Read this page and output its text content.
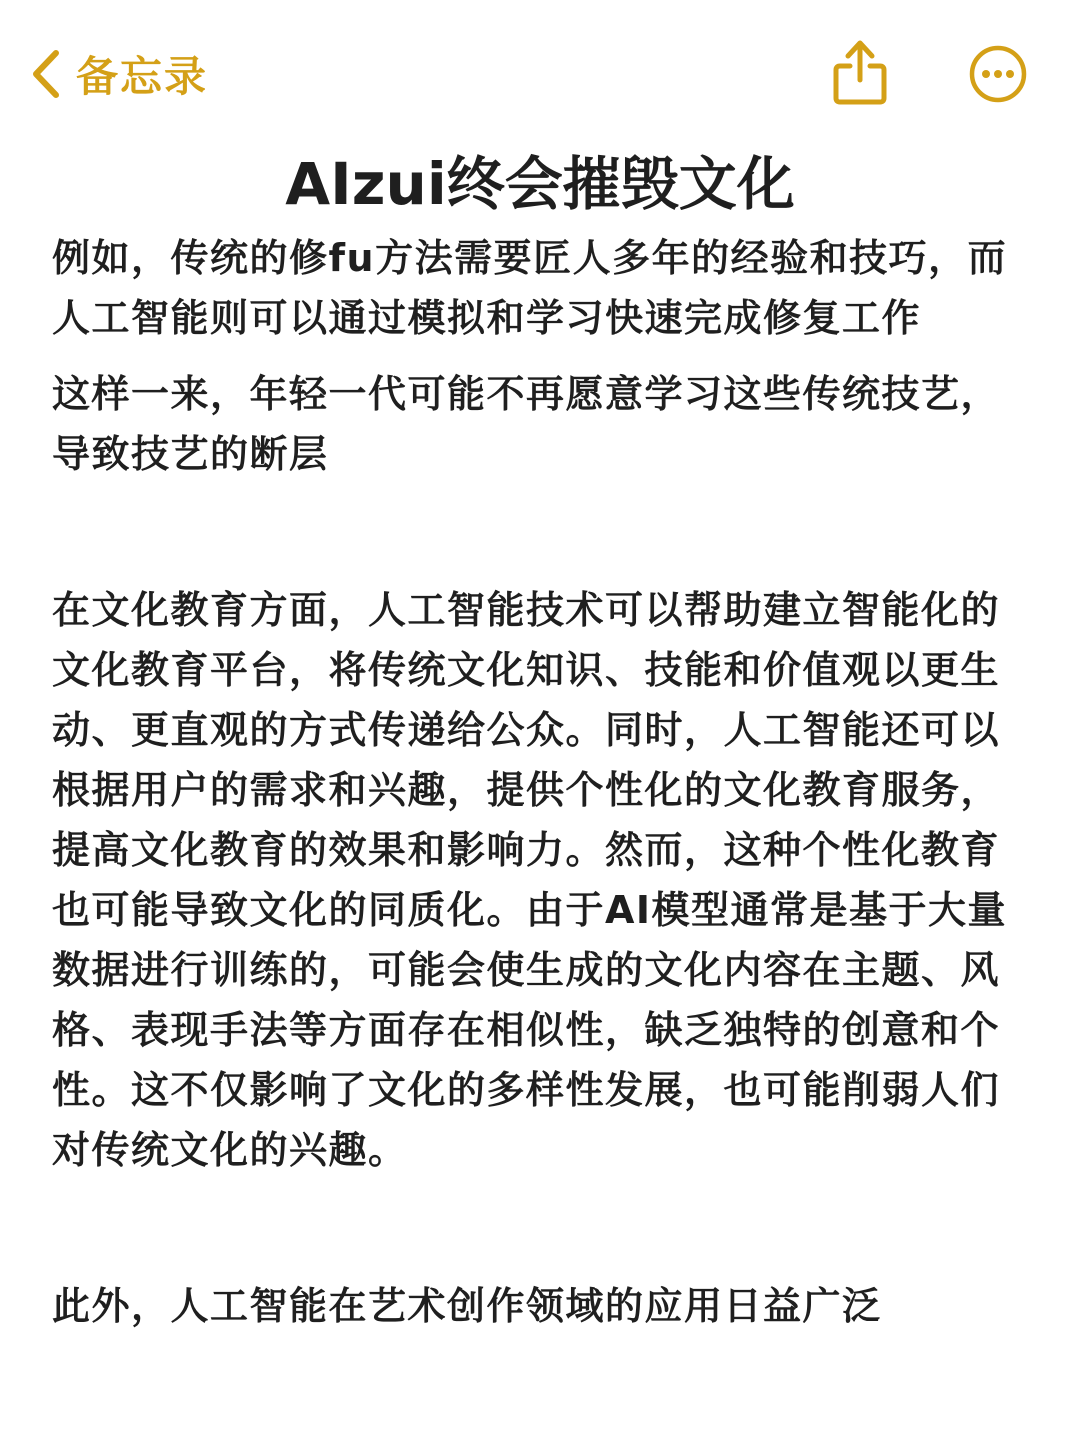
备忘录
AIzui终会摧毁文化

例如，传统的修fu方法需要匠人多年的经验和技巧，而人工智能则可以通过模拟和学习快速完成修复工作

这样一来，年轻一代可能不再愿意学习这些传统技艺，导致技艺的断层

在文化教育方面，人工智能技术可以帮助建立智能化的文化教育平台，将传统文化知识、技能和价值观以更生动、更直观的方式传递给公众。同时，人工智能还可以根据用户的需求和兴趣，提供个性化的文化教育服务，提高文化教育的效果和影响力。然而，这种个性化教育也可能导致文化的同质化。由于AI模型通常是基于大量数据进行训练的，可能会使生成的文化内容在主题、风格、表现手法等方面存在相似性，缺乏独特的创意和个性。这不仅影响了文化的多样性发展，也可能削弱人们对传统文化的兴趣。

此外，人工智能在艺术创作领域的应用日益广泛
